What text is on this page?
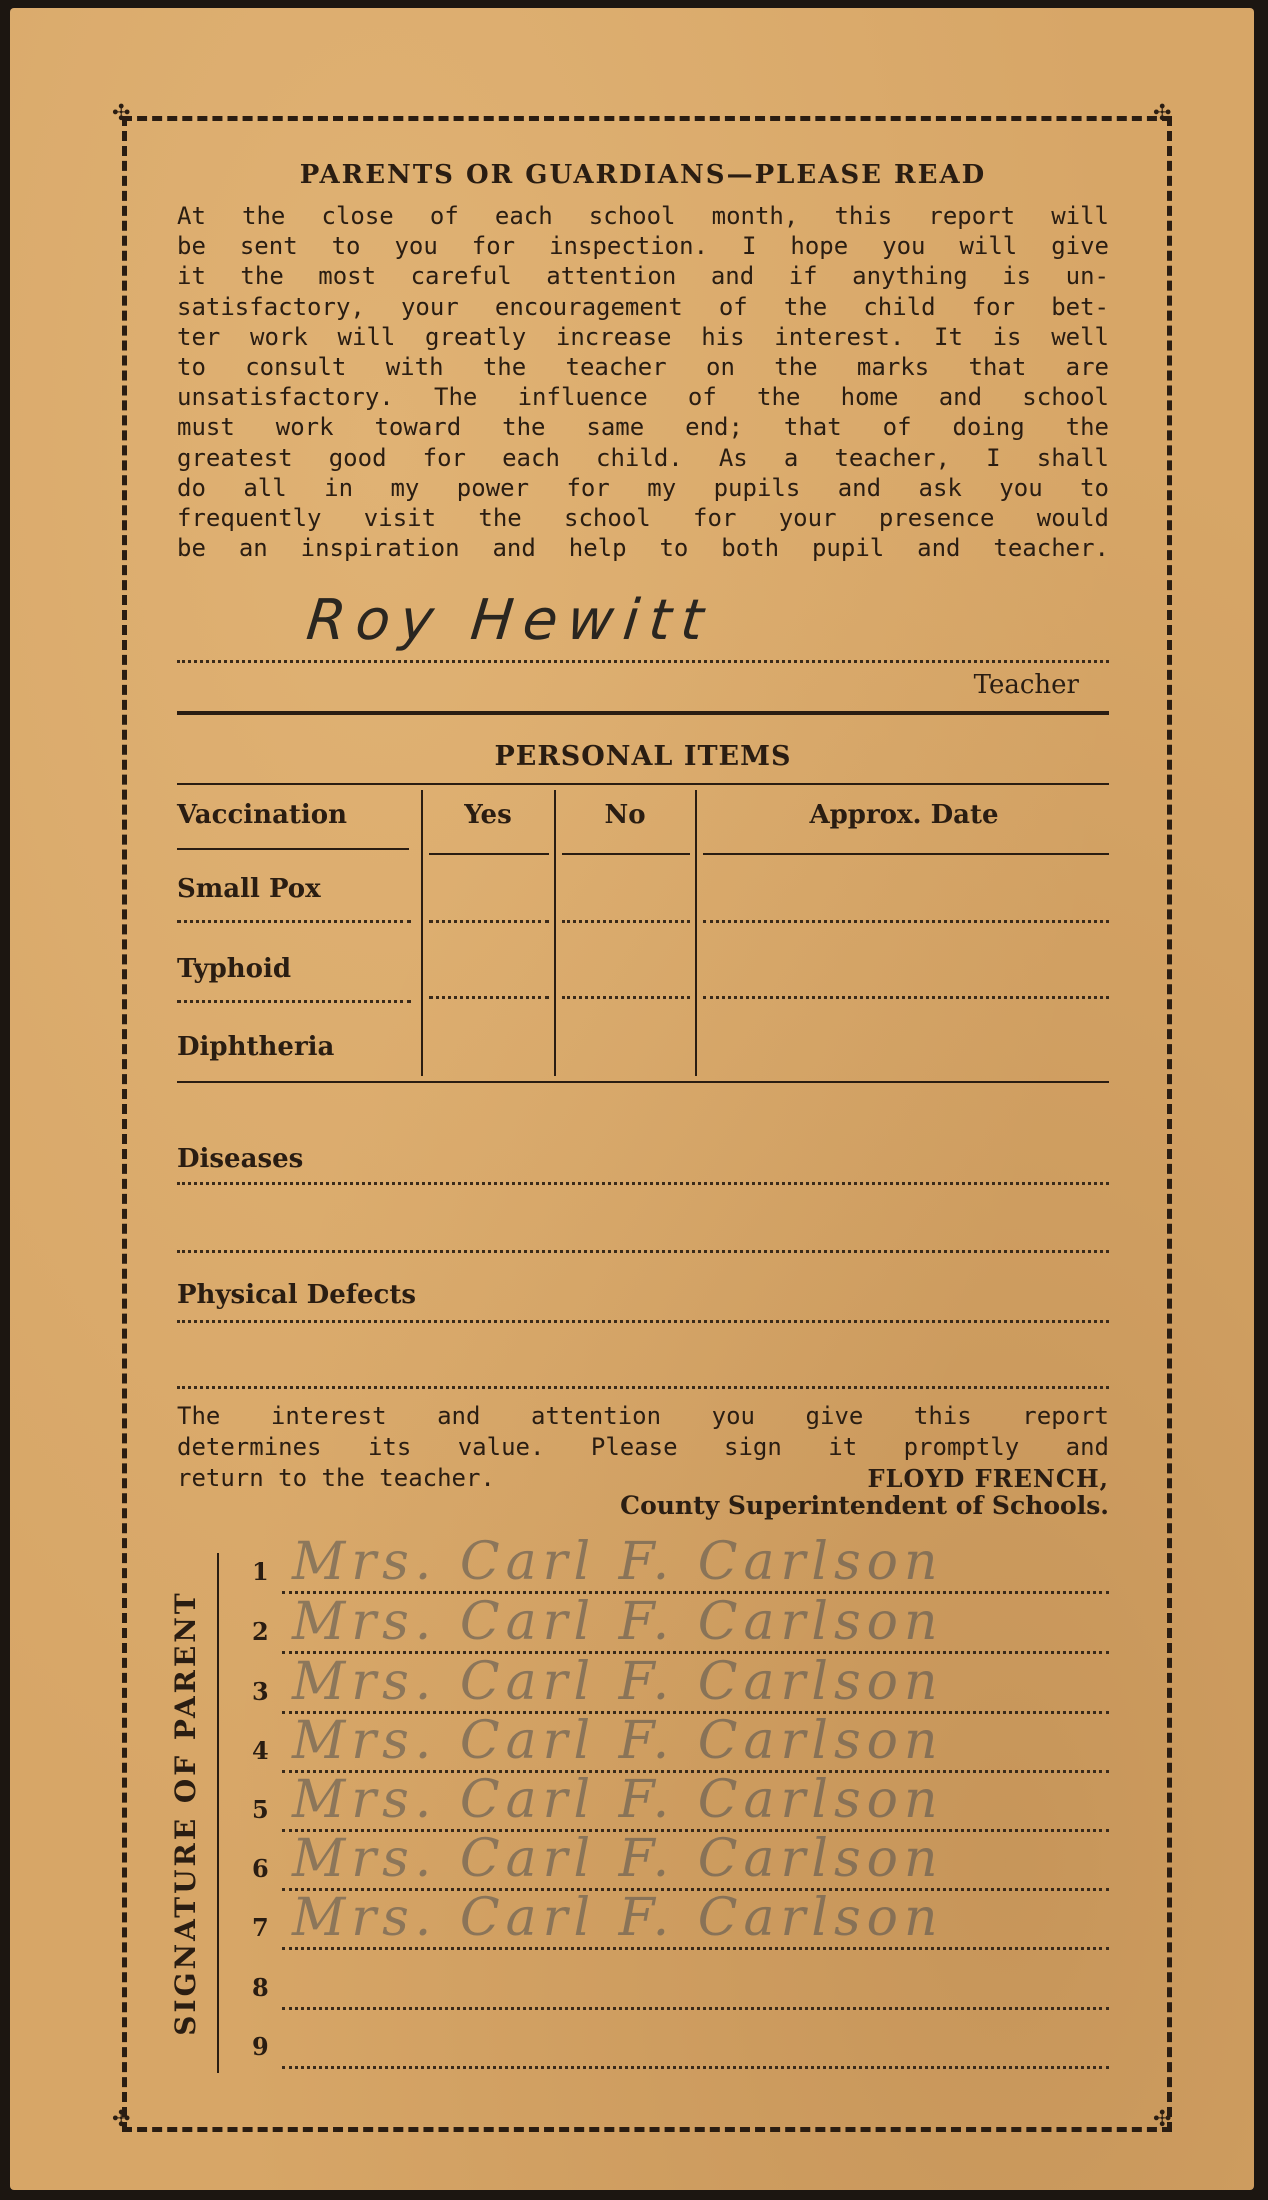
✣	✣
✣	✣
PARENTS OR GUARDIANS—PLEASE READ
At the close of each school month, this report will
be sent to you for inspection. I hope you will give
it the most careful attention and if anything is un-
satisfactory, your encouragement of the child for bet-
ter work will greatly increase his interest. It is well
to consult with the teacher on the marks that are
unsatisfactory. The influence of the home and school
must work toward the same end; that of doing the
greatest good for each child. As a teacher, I shall
do all in my power for my pupils and ask you to
frequently visit the school for your presence would
be an inspiration and help to both pupil and teacher.
Roy Hewitt
Teacher
PERSONAL ITEMS
Vaccination	Yes	No	Approx. Date
Small Pox
Typhoid
Diphtheria
Diseases
Physical Defects
The interest and attention you give this report
determines its value. Please sign it promptly and
return to the teacher.	FLOYD FRENCH,
County Superintendent of Schools.
SIGNATURE OF PARENT
1 Mrs. Carl F. Carlson
2 Mrs. Carl F. Carlson
3 Mrs. Carl F. Carlson
4 Mrs. Carl F. Carlson
5 Mrs. Carl F. Carlson
6 Mrs. Carl F. Carlson
7 Mrs. Carl F. Carlson
8
9
